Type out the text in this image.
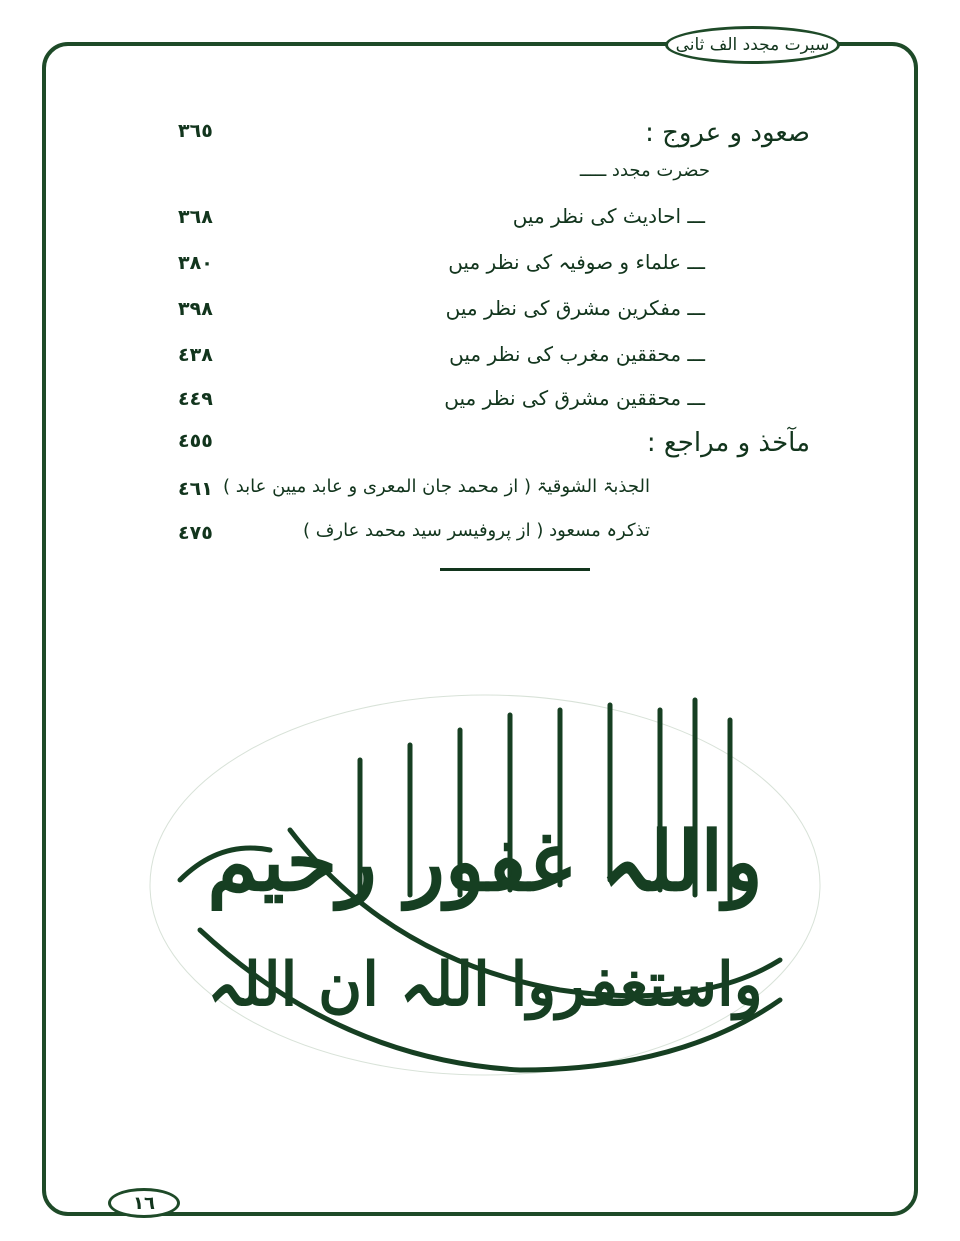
سیرت مجدد الف ثانی
صعود و عروج :
٣٦٥
حضرت مجدد ـــــ
ـــ احادیث کی نظر میں
٣٦٨
ـــ علماء و صوفیہ کی نظر میں
٣٨٠
ـــ مفکرین مشرق کی نظر میں
٣٩٨
ـــ محققین مغرب کی نظر میں
٤٣٨
ـــ محققین مشرق کی نظر میں
٤٤٩
مآخذ و مراجع :
٤٥٥
الجذبۃ الشوقیۃ ( از محمد جان المعری و عابد میین عابد )
٤٦١
تذکرہ مسعود ( از پروفیسر سید محمد عارف )
٤٧٥
واللہ غفور رحیم
واستغفروا اللہ ان اللہ
١٦
